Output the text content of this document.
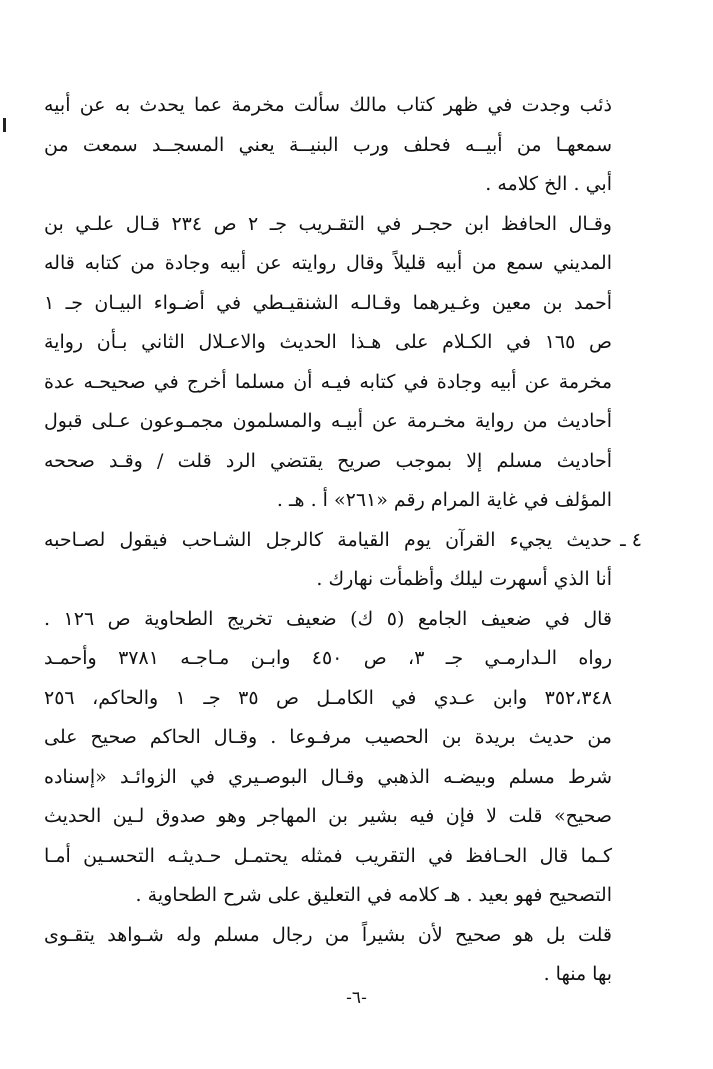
ذئب وجدت في ظهر كتاب مالك سألت مخرمة عما يحدث به عن أبيه
سمعهـا من أبيــه فحلف ورب البنيــة يعني المسجــد سمعت من
أبي . الخ كلامه .
وقـال الحافظ ابن حجـر في التقـريب جـ ٢ ص ٢٣٤ قـال علـي بن
المديني سمع من أبيه قليلاً وقال روايته عن أبيه وجادة من كتابه قاله
أحمد بن معين وغـيرهما وقـالـه الشنقيـطي في أضـواء البيـان جـ ١
ص ١٦٥ في الكـلام على هـذا الحديث والاعـلال الثاني بـأن رواية
مخرمة عن أبيه وجادة في كتابه فيـه أن مسلما أخرج في صحيحـه عدة
أحاديث من رواية مخـرمة عن أبيـه والمسلمون مجمـوعون عـلى قبول
أحاديث مسلم إلا بموجب صريح يقتضي الرد قلت / وقـد صححه
المؤلف في غاية المرام رقم «٢٦١» أ . هـ .
٤ ـ
حديث يجيء القرآن يوم القيامة كالرجل الشـاحب فيقول لصـاحبه
أنا الذي أسهرت ليلك وأظمأت نهارك .
قال في ضعيف الجامع (٥ ك) ضعيف تخريج الطحاوية ص ١٢٦ .
رواه الـدارمـي جـ ٣، ص ٤٥٠ وابـن مـاجـه ٣٧٨١ وأحمـد
٣٥٢،٣٤٨ وابن عـدي في الكامـل ص ٣٥ جـ ١ والحاكم، ٢٥٦
من حديث بريدة بن الحصيب مرفـوعا . وقـال الحاكم صحيح على
شرط مسلم وبيضـه الذهبي وقـال البوصـيري في الزوائـد «إسناده
صحيح» قلت لا فإن فيه بشير بن المهاجر وهو صدوق لـين الحديث
كـما قال الحـافظ في التقريب فمثله يحتمـل حـديثـه التحسـين أمـا
التصحيح فهو بعيد . هـ كلامه في التعليق على شرح الطحاوية .
قلت بل هو صحيح لأن بشيراً من رجال مسلم وله شـواهد يتقـوى
بها منها .
-٦-
